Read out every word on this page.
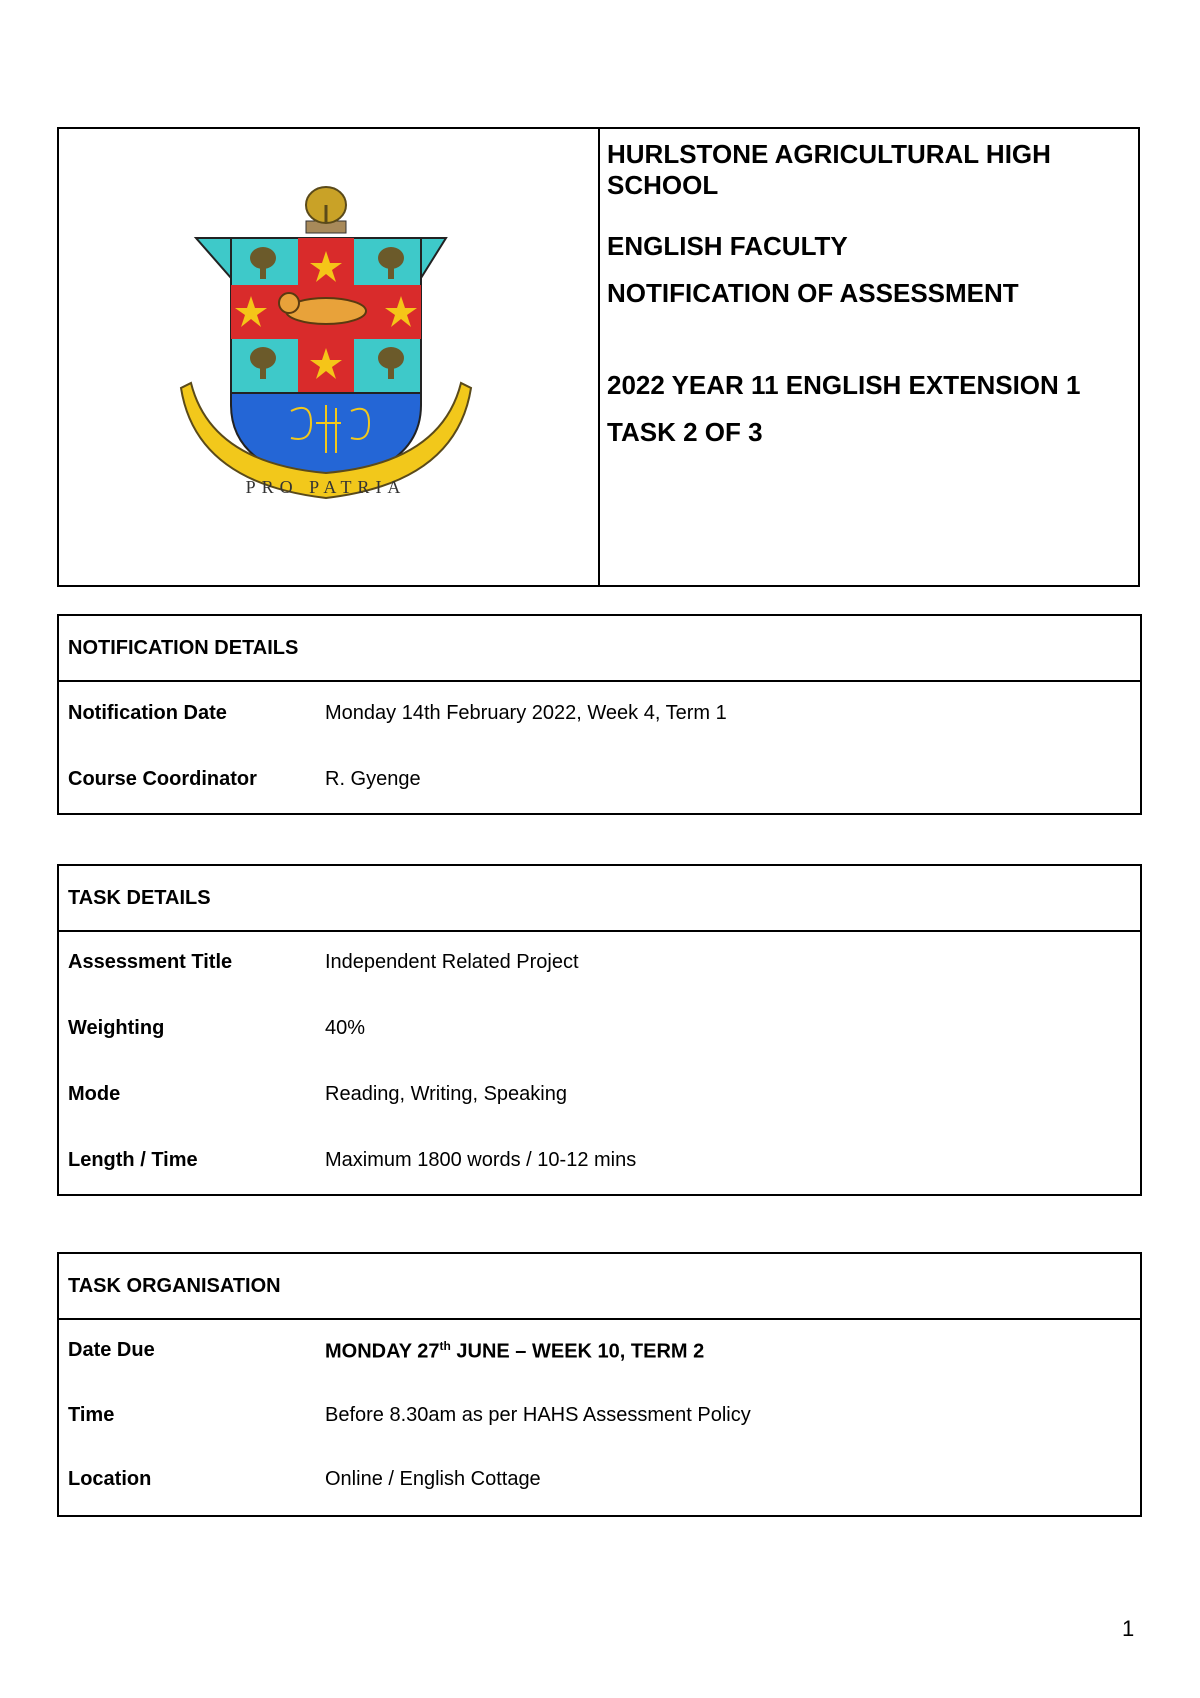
PRO PATRIA
HURLSTONE AGRICULTURAL HIGH
SCHOOL
ENGLISH FACULTY
NOTIFICATION OF ASSESSMENT
2022 YEAR 11 ENGLISH EXTENSION 1
TASK 2 OF 3
NOTIFICATION DETAILS
Notification Date	Monday 14th February 2022, Week 4, Term 1
Course Coordinator	R. Gyenge
TASK DETAILS
Assessment Title	Independent Related Project
Weighting	40%
Mode	Reading, Writing, Speaking
Length / Time	Maximum 1800 words / 10-12 mins
TASK ORGANISATION
Date Due	MONDAY 27th JUNE – WEEK 10, TERM 2
Time	Before 8.30am as per HAHS Assessment Policy
Location	Online / English Cottage
1
